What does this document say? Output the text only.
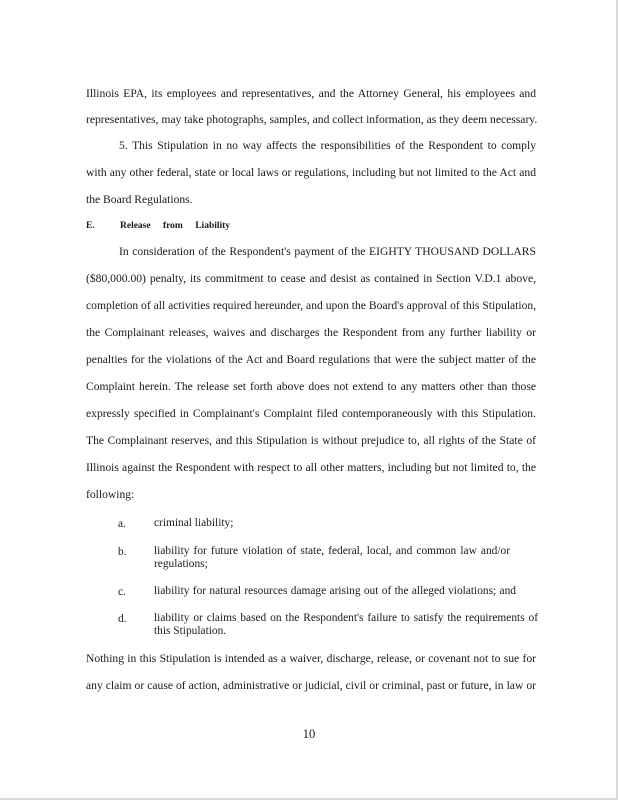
Illinois EPA, its employees and representatives, and the Attorney General, his employees and
representatives, may take photographs, samples, and collect information, as they deem necessary.
5. This Stipulation in no way affects the responsibilities of the Respondent to comply
with any other federal, state or local laws or regulations, including but not limited to the Act and
the Board Regulations.
E.	Release from Liability
In consideration of the Respondent's payment of the EIGHTY THOUSAND DOLLARS
($80,000.00) penalty, its commitment to cease and desist as contained in Section V.D.1 above,
completion of all activities required hereunder, and upon the Board's approval of this Stipulation,
the Complainant releases, waives and discharges the Respondent from any further liability or
penalties for the violations of the Act and Board regulations that were the subject matter of the
Complaint herein. The release set forth above does not extend to any matters other than those
expressly specified in Complainant's Complaint filed contemporaneously with this Stipulation.
The Complainant reserves, and this Stipulation is without prejudice to, all rights of the State of
Illinois against the Respondent with respect to all other matters, including but not limited to, the
following:
a. criminal liability;
b. liability for future violation of state, federal, local, and common law and/or
regulations;
c. liability for natural resources damage arising out of the alleged violations; and
d. liability or claims based on the Respondent's failure to satisfy the requirements of
this Stipulation.
Nothing in this Stipulation is intended as a waiver, discharge, release, or covenant not to sue for
any claim or cause of action, administrative or judicial, civil or criminal, past or future, in law or
10
